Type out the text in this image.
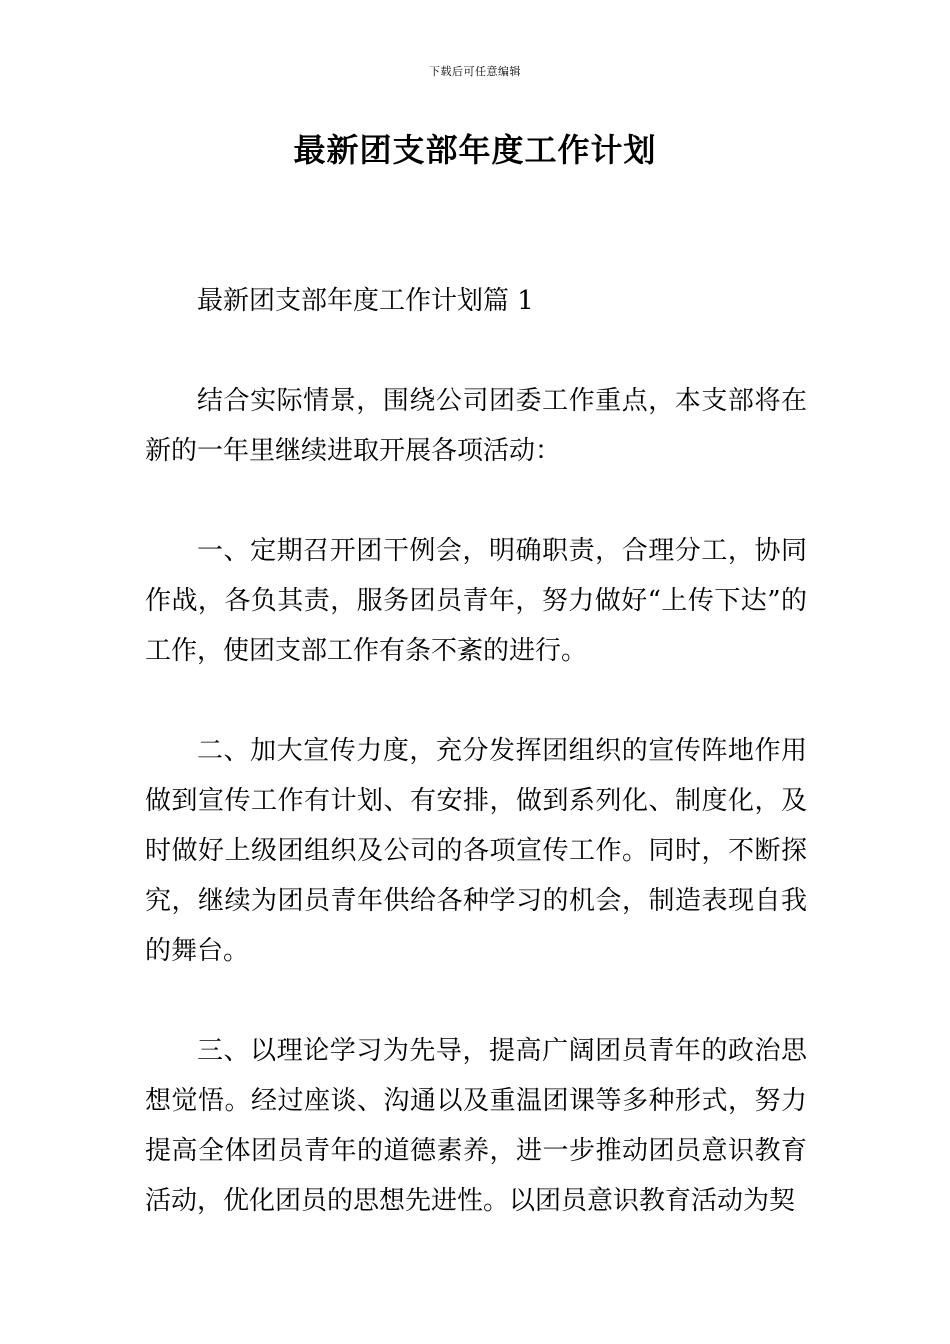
下载后可任意编辑
最新团支部年度工作计划

最新团支部年度工作计划篇 1

结合实际情景，围绕公司团委工作重点，本支部将在新的一年里继续进取开展各项活动：

一、定期召开团干例会，明确职责，合理分工，协同作战，各负其责，服务团员青年，努力做好“上传下达”的工作，使团支部工作有条不紊的进行。

二、加大宣传力度，充分发挥团组织的宣传阵地作用做到宣传工作有计划、有安排，做到系列化、制度化，及时做好上级团组织及公司的各项宣传工作。同时，不断探究，继续为团员青年供给各种学习的机会，制造表现自我的舞台。

三、以理论学习为先导，提高广阔团员青年的政治思想觉悟。经过座谈、沟通以及重温团课等多种形式，努力提高全体团员青年的道德素养，进一步推动团员意识教育活动，优化团员的思想先进性。以团员意识教育活动为契
